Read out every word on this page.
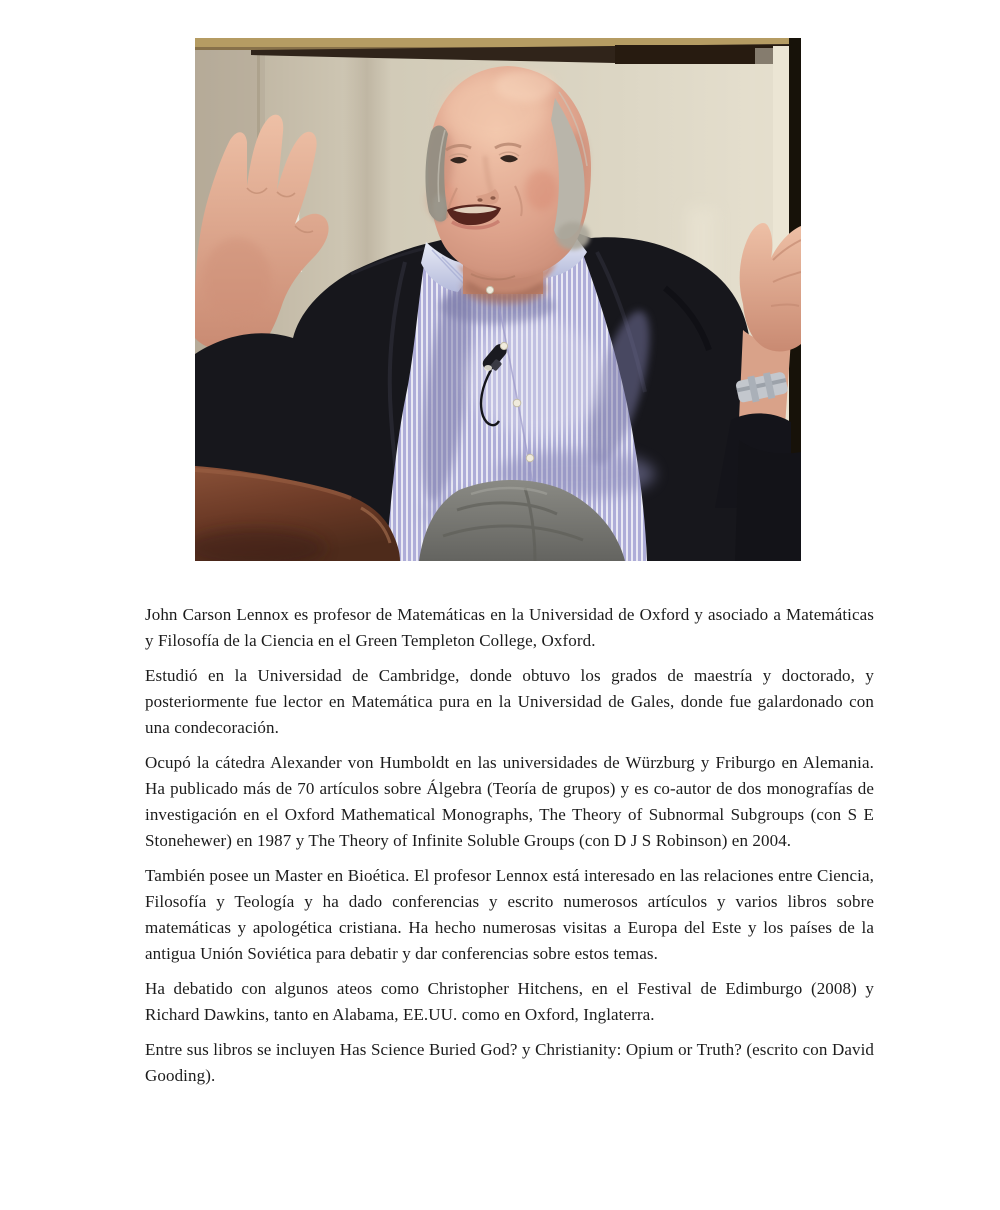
John Carson Lennox es profesor de Matemáticas en la Universidad de Oxford y asociado a Matemáticas y Filosofía de la Ciencia en el Green Templeton College, Oxford.

Estudió en la Universidad de Cambridge, donde obtuvo los grados de maestría y doctorado, y posteriormente fue lector en Matemática pura en la Universidad de Gales, donde fue galardonado con una condecoración.

Ocupó la cátedra Alexander von Humboldt en las universidades de Würzburg y Friburgo en Alemania. Ha publicado más de 70 artículos sobre Álgebra (Teoría de grupos) y es co-autor de dos monografías de investigación en el Oxford Mathematical Monographs, The Theory of Subnormal Subgroups (con S E Stonehewer) en 1987 y The Theory of Infinite Soluble Groups (con D J S Robinson) en 2004.

También posee un Master en Bioética. El profesor Lennox está interesado en las relaciones entre Ciencia, Filosofía y Teología y ha dado conferencias y escrito numerosos artículos y varios libros sobre matemáticas y apologética cristiana. Ha hecho numerosas visitas a Europa del Este y los países de la antigua Unión Soviética para debatir y dar conferencias sobre estos temas.

Ha debatido con algunos ateos como Christopher Hitchens, en el Festival de Edimburgo (2008) y Richard Dawkins, tanto en Alabama, EE.UU. como en Oxford, Inglaterra.

Entre sus libros se incluyen Has Science Buried God? y Christianity: Opium or Truth? (escrito con David Gooding).
